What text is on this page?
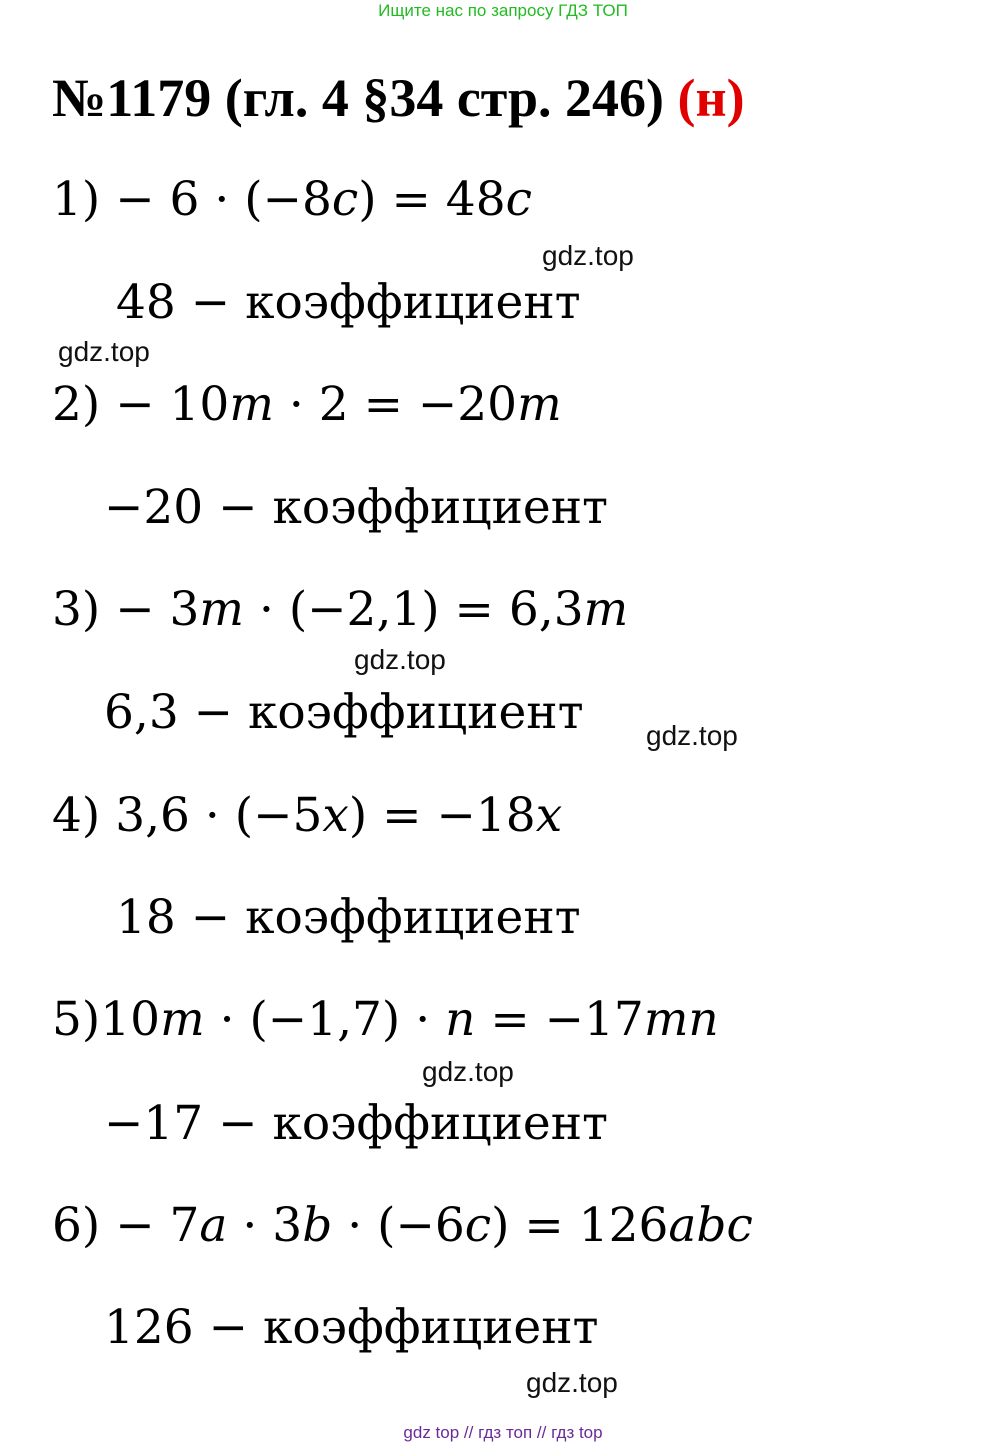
Ищите нас по запросу ГДЗ ТОП
№1179 (гл. 4 §34 стр. 246) (н)
1) − 6 · (−8c) = 48c
gdz.top
48 − коэффициент
gdz.top
2) − 10m · 2 = −20m
−20 − коэффициент
3) − 3m · (−2,1) = 6,3m
gdz.top
6,3 − коэффициент gdz.top
4) 3,6 · (−5x) = −18x
18 − коэффициент
5)10m · (−1,7) · n = −17mn
gdz.top
−17 − коэффициент
6) − 7a · 3b · (−6c) = 126abc
126 − коэффициент
gdz.top
gdz top // гдз топ // гдз top
